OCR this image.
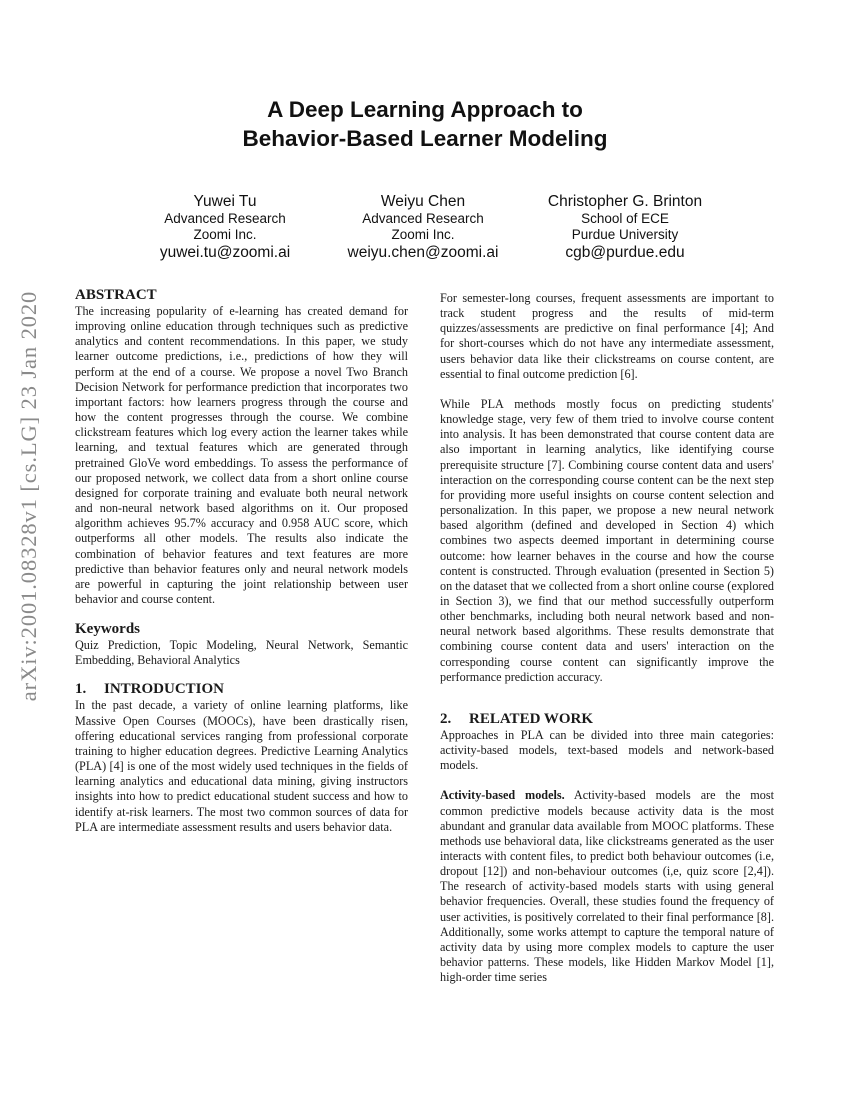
arXiv:2001.08328v1 [cs.LG] 23 Jan 2020
A Deep Learning Approach to
Behavior-Based Learner Modeling
Yuwei Tu
Advanced Research
Zoomi Inc.
yuwei.tu@zoomi.ai
Weiyu Chen
Advanced Research
Zoomi Inc.
weiyu.chen@zoomi.ai
Christopher G. Brinton
School of ECE
Purdue University
cgb@purdue.edu
ABSTRACT

The increasing popularity of e-learning has created demand for improving online education through techniques such as predictive analytics and content recommendations. In this paper, we study learner outcome predictions, i.e., predictions of how they will perform at the end of a course. We propose a novel Two Branch Decision Network for performance prediction that incorporates two important factors: how learners progress through the course and how the content progresses through the course. We combine clickstream features which log every action the learner takes while learning, and textual features which are generated through pretrained GloVe word embeddings. To assess the performance of our proposed network, we collect data from a short online course designed for corporate training and evaluate both neural network and non-neural network based algorithms on it. Our proposed algorithm achieves 95.7% accuracy and 0.958 AUC score, which outperforms all other models. The results also indicate the combination of behavior features and text features are more predictive than behavior features only and neural network models are powerful in capturing the joint relationship between user behavior and course content.

Keywords

Quiz Prediction, Topic Modeling, Neural Network, Semantic Embedding, Behavioral Analytics

1. INTRODUCTION

In the past decade, a variety of online learning platforms, like Massive Open Courses (MOOCs), have been drastically risen, offering educational services ranging from professional corporate training to higher education degrees. Predictive Learning Analytics (PLA) [4] is one of the most widely used techniques in the fields of learning analytics and educational data mining, giving instructors insights into how to predict educational student success and how to identify at-risk learners. The most two common sources of data for PLA are intermediate assessment results and users behavior data.

For semester-long courses, frequent assessments are important to track student progress and the results of mid-term quizzes/assessments are predictive on final performance [4]; And for short-courses which do not have any intermediate assessment, users behavior data like their clickstreams on course content, are essential to final outcome prediction [6].

While PLA methods mostly focus on predicting students' knowledge stage, very few of them tried to involve course content into analysis. It has been demonstrated that course content data are also important in learning analytics, like identifying course prerequisite structure [7]. Combining course content data and users' interaction on the corresponding course content can be the next step for providing more useful insights on course content selection and personalization. In this paper, we propose a new neural network based algorithm (defined and developed in Section 4) which combines two aspects deemed important in determining course outcome: how learner behaves in the course and how the course content is constructed. Through evaluation (presented in Section 5) on the dataset that we collected from a short online course (explored in Section 3), we find that our method successfully outperform other benchmarks, including both neural network based and non-neural network based algorithms. These results demonstrate that combining course content data and users' interaction on the corresponding course content can significantly improve the performance prediction accuracy.

2. RELATED WORK

Approaches in PLA can be divided into three main categories: activity-based models, text-based models and network-based models.

Activity-based models. Activity-based models are the most common predictive models because activity data is the most abundant and granular data available from MOOC platforms. These methods use behavioral data, like clickstreams generated as the user interacts with content files, to predict both behaviour outcomes (i.e, dropout [12]) and non-behaviour outcomes (i,e, quiz score [2,4]). The research of activity-based models starts with using general behavior frequencies. Overall, these studies found the frequency of user activities, is positively correlated to their final performance [8]. Additionally, some works attempt to capture the temporal nature of activity data by using more complex models to capture the user behavior patterns. These models, like Hidden Markov Model [1], high-order time series
